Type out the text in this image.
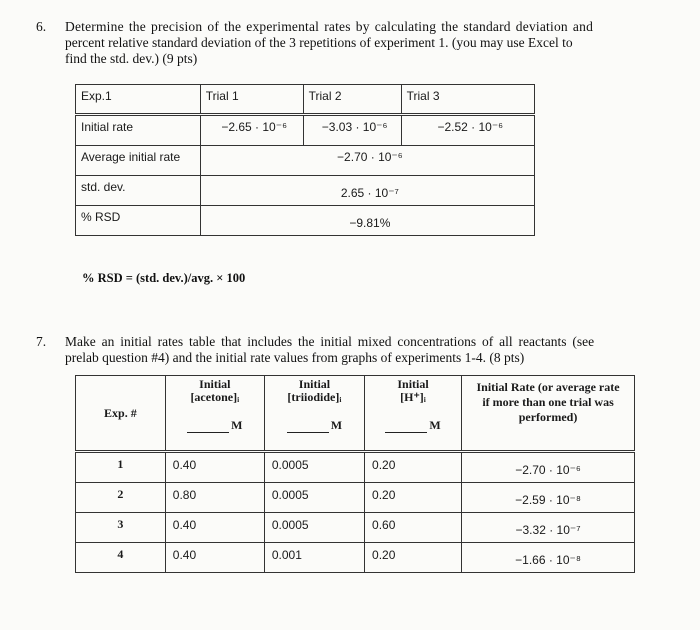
6. Determine the precision of the experimental rates by calculating the standard deviation and
percent relative standard deviation of the 3 repetitions of experiment 1. (you may use Excel to
find the std. dev.) (9 pts)
Exp.1	Trial 1	Trial 2	Trial 3

Initial rate	−2.65 · 10⁻⁶	−3.03 · 10⁻⁶	−2.52 · 10⁻⁶

Average initial rate	−2.70 · 10⁻⁶		

std. dev.	2.65 · 10⁻⁷		

% RSD	−9.81%		
% RSD = (std. dev.)/avg. × 100
7. Make an initial rates table that includes the initial mixed concentrations of all reactants (see
prelab question #4) and the initial rate values from graphs of experiments 1-4. (8 pts)
Exp. #	Initial
[acetone]ᵢ
M	Initial
[triiodide]ᵢ
M	Initial
[H⁺]ᵢ
M	Initial Rate (or average rate
if more than one trial was
performed)

1	0.40	0.0005	0.20	−2.70 · 10⁻⁶

2	0.80	0.0005	0.20	−2.59 · 10⁻⁸

3	0.40	0.0005	0.60	−3.32 · 10⁻⁷

4	0.40	0.001	0.20	−1.66 · 10⁻⁸
